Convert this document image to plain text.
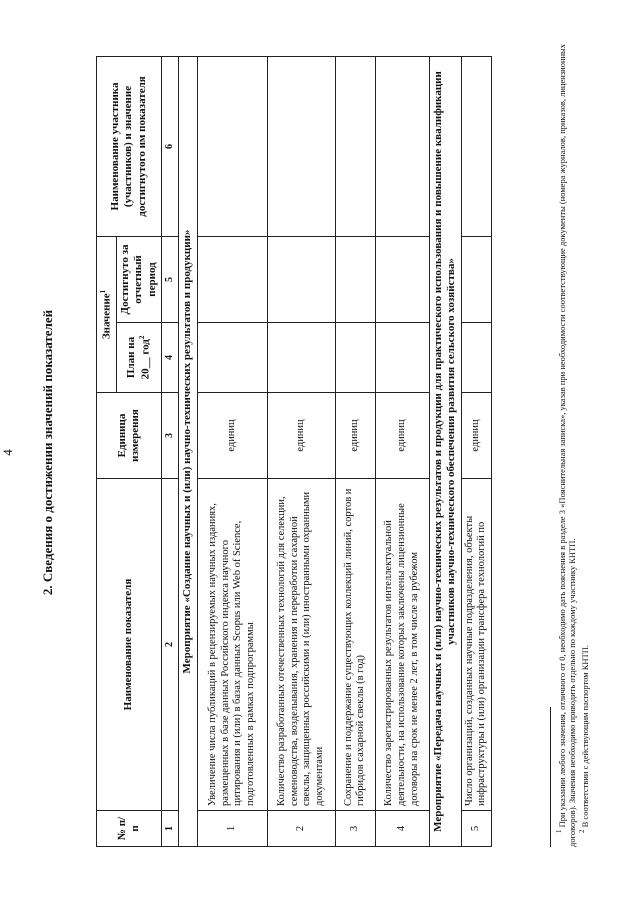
4 2. Сведения о достижении значений показателей
№ п/п	Наименование показателя	Единица измерения	Значение$^1$		Наименование участника (участников) и значение достигнутого им показателя
			План на 20__ год$^2$	Достигнуто за отчетный период	
1	2	3	4	5	6
Мероприятие «Создание научных и (или) научно-технических результатов и продукции»					
1	Увеличение числа публикаций в рецензируемых научных изданиях, размещенных в базе данных Российского индекса научного цитирования и (или) в базах данных Scopus или Web of Science, подготовленных в рамках подпрограммы	единиц			
2	Количество разработанных отечественных технологий для селекции, семеноводства, возделывания, хранения и переработки сахарной свеклы, защищенных российскими и (или) иностранными охранными документами	единиц			
3	Сохранение и поддержание существующих коллекций линий, сортов и гибридов сахарной свеклы (в год)	единиц			
4	Количество зарегистрированных результатов интеллектуальной деятельности, на использование которых заключены лицензионные договоры на срок не менее 2 лет, в том числе за рубежом	единиц			
Мероприятие «Передача научных и (или) научно-технических результатов и продукции для практического использования и повышение квалификации участников научно-технического обеспечения развития сельского хозяйства»					
5	Число организаций, созданных научные подразделения, объекты инфраструктуры и (или) организации трансфера технологий по	единиц			

$^1$ При указании любого значения, отличного от 0, необходимо дать пояснения в разделе 3 «Пояснительная записка», указав при необходимости соответствующие документы (номера журналов, приказов, лицензионных договоров). Значения необходимо приводить отдельно по каждому участнику КНТП. $^2$ В соответствии с действующим паспортом КНТП.
